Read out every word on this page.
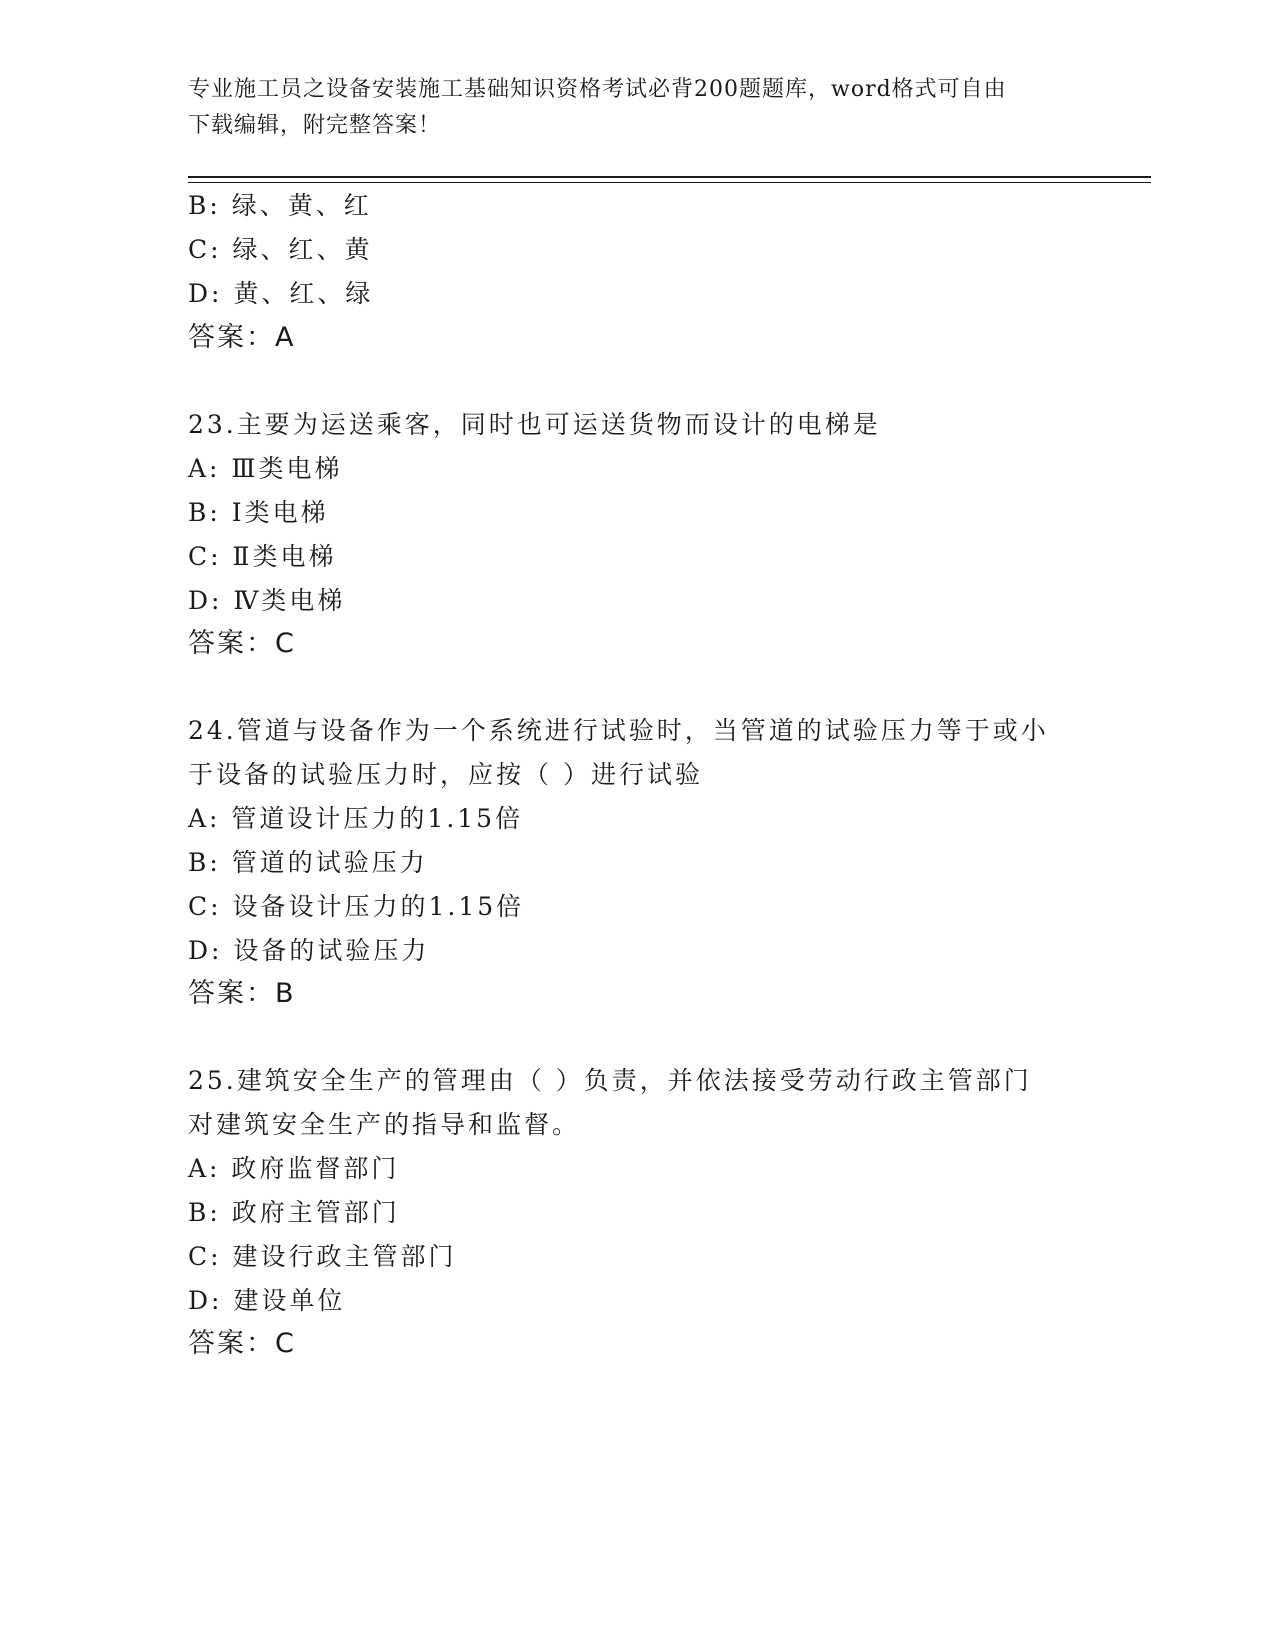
专业施工员之设备安装施工基础知识资格考试必背200题题库，word格式可自由
下载编辑，附完整答案！
B: 绿、黄、红
C: 绿、红、黄
D: 黄、红、绿
答案：A
23.主要为运送乘客，同时也可运送货物而设计的电梯是
A: Ⅲ类电梯
B: Ⅰ类电梯
C: Ⅱ类电梯
D: Ⅳ类电梯
答案：C
24.管道与设备作为一个系统进行试验时，当管道的试验压力等于或小
于设备的试验压力时，应按（ ）进行试验
A: 管道设计压力的1.15倍
B: 管道的试验压力
C: 设备设计压力的1.15倍
D: 设备的试验压力
答案：B
25.建筑安全生产的管理由（ ）负责，并依法接受劳动行政主管部门
对建筑安全生产的指导和监督。
A: 政府监督部门
B: 政府主管部门
C: 建设行政主管部门
D: 建设单位
答案：C
